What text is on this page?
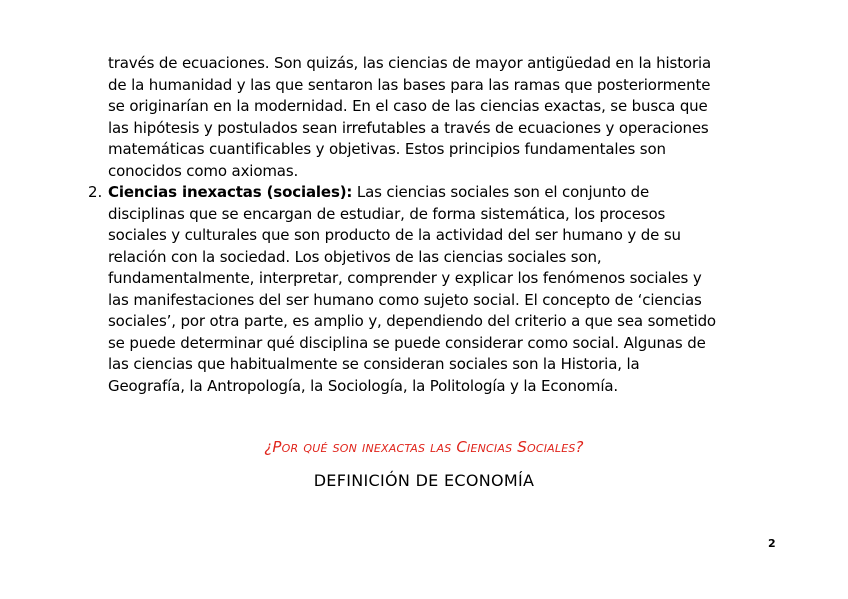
través de ecuaciones. Son quizás, las ciencias de mayor antigüedad en la historia
de la humanidad y las que sentaron las bases para las ramas que posteriormente
se originarían en la modernidad. En el caso de las ciencias exactas, se busca que
las hipótesis y postulados sean irrefutables a través de ecuaciones y operaciones
matemáticas cuantificables y objetivas. Estos principios fundamentales son
conocidos como axiomas.

2. Ciencias inexactas (sociales): Las ciencias sociales son el conjunto de
disciplinas que se encargan de estudiar, de forma sistemática, los procesos
sociales y culturales que son producto de la actividad del ser humano y de su
relación con la sociedad. Los objetivos de las ciencias sociales son,
fundamentalmente, interpretar, comprender y explicar los fenómenos sociales y
las manifestaciones del ser humano como sujeto social. El concepto de ‘ciencias
sociales’, por otra parte, es amplio y, dependiendo del criterio a que sea sometido
se puede determinar qué disciplina se puede considerar como social. Algunas de
las ciencias que habitualmente se consideran sociales son la Historia, la
Geografía, la Antropología, la Sociología, la Politología y la Economía.

¿Por qué son inexactas las Ciencias Sociales?
DEFINICIÓN DE ECONOMÍA
2
